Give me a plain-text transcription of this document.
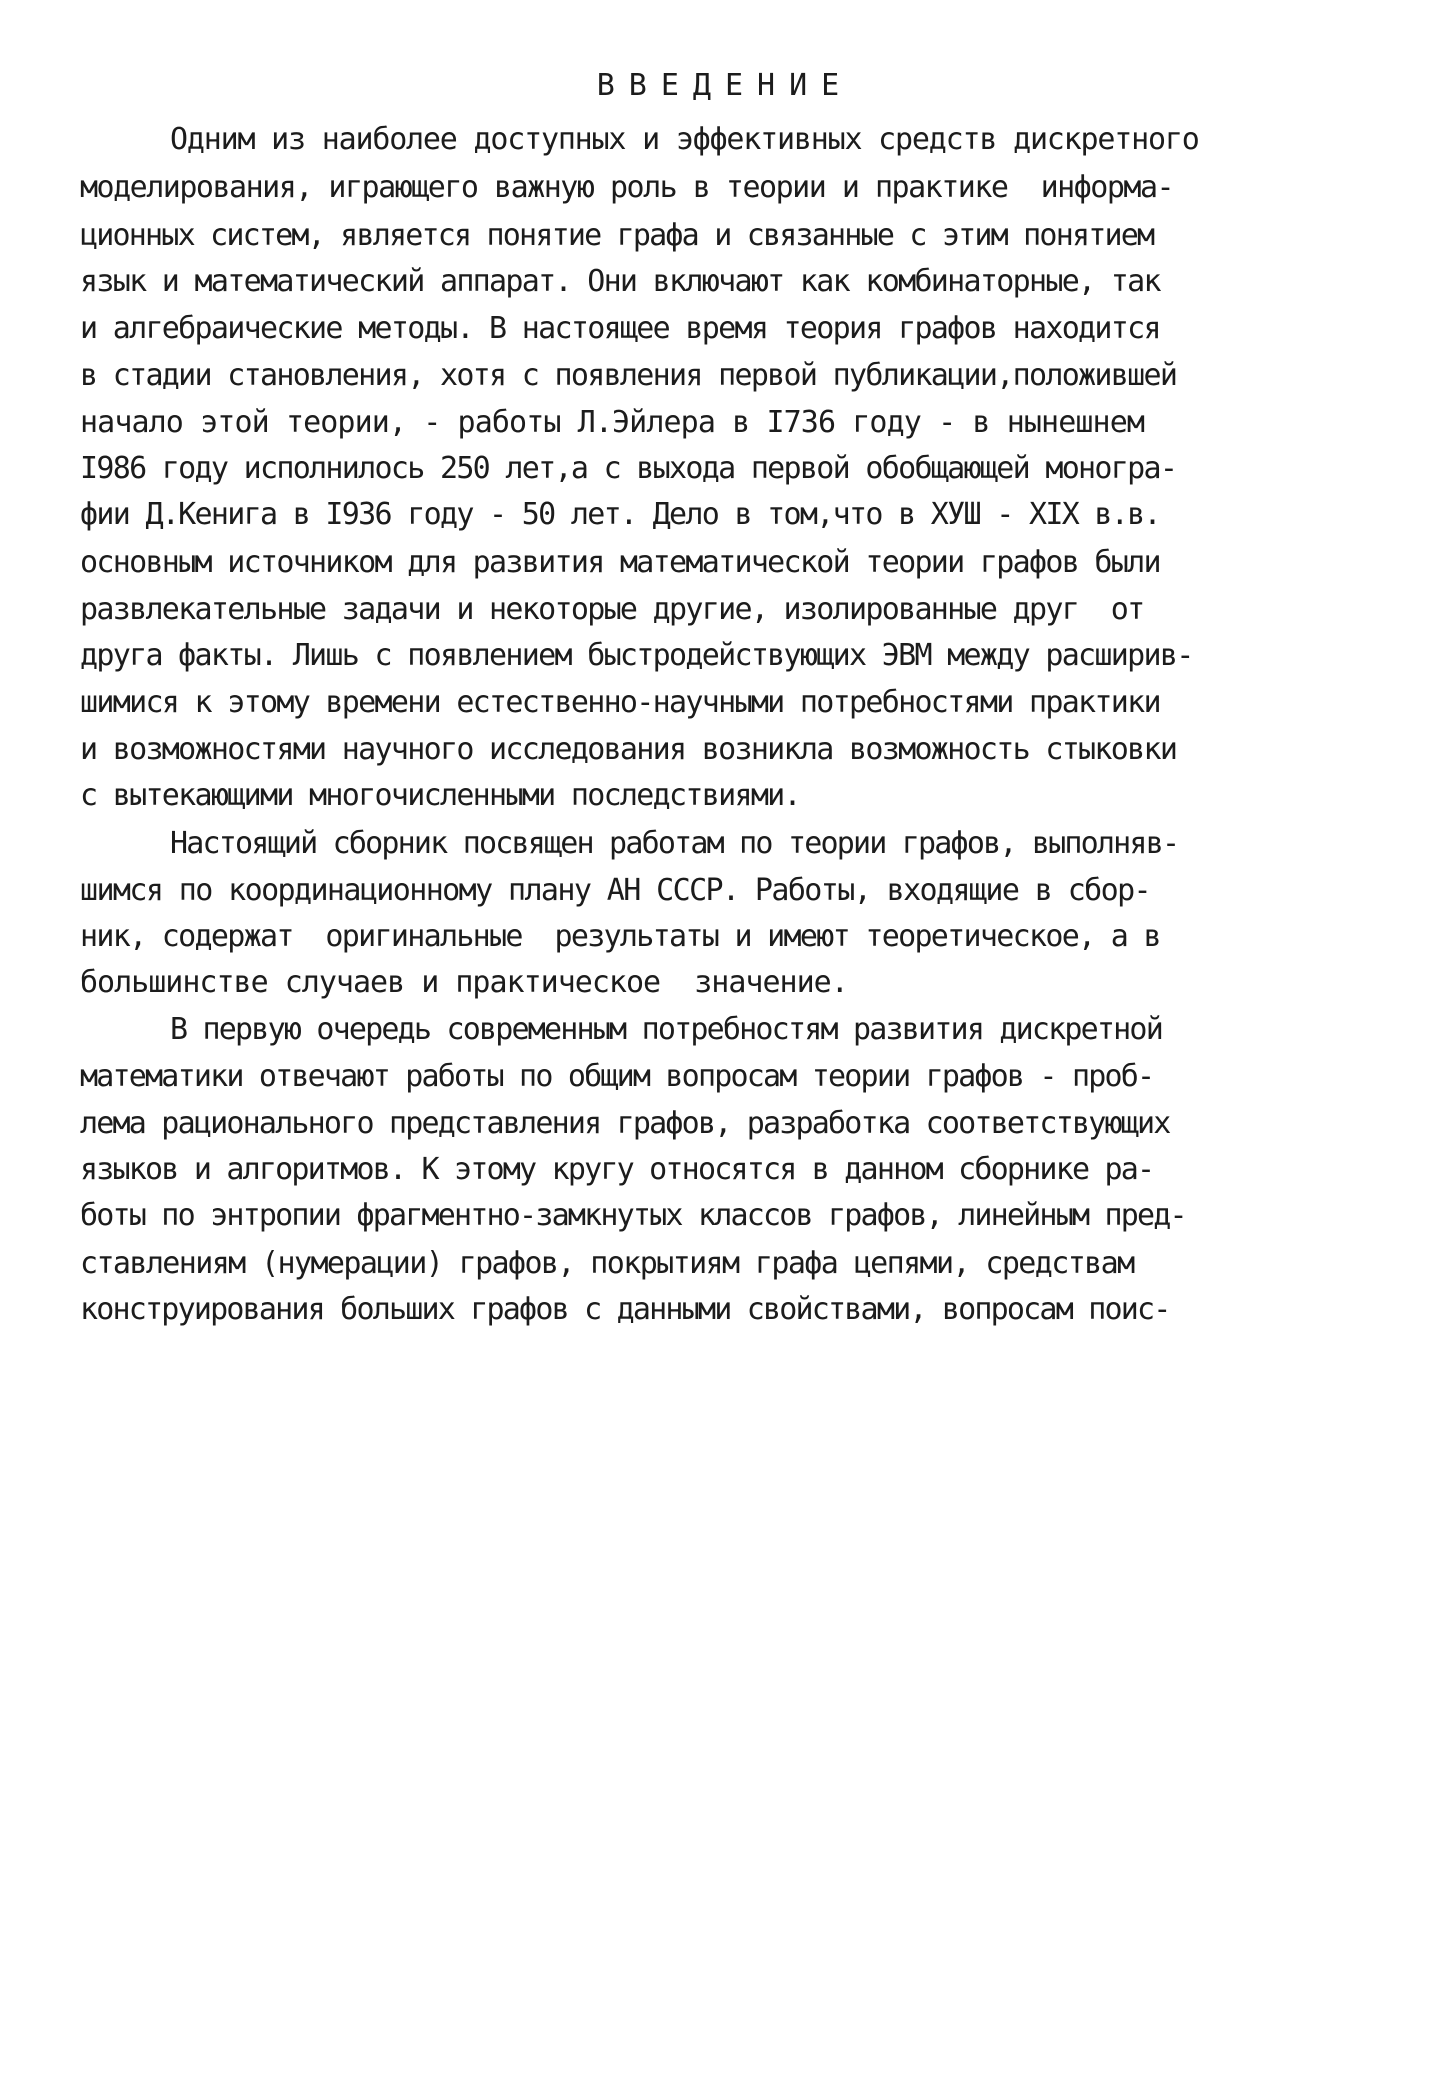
ВВЕДЕНИЕ
Одним из наиболее доступных и эффективных средств дискретного
моделирования, играющего важную роль в теории и практике  информа-
ционных систем, является понятие графа и связанные с этим понятием
язык и математический аппарат. Они включают как комбинаторные, так
и алгебраические методы. В настоящее время теория графов находится
в стадии становления, хотя с появления первой публикации,положившей
начало этой теории, - работы Л.Эйлера в I736 году - в нынешнем
I986 году исполнилось 250 лет,а с выхода первой обобщающей моногра-
фии Д.Кенига в I936 году - 50 лет. Дело в том,что в ХУШ - XIX в.в.
основным источником для развития математической теории графов были
развлекательные задачи и некоторые другие, изолированные друг  от
друга факты. Лишь с появлением быстродействующих ЭВМ между расширив-
шимися к этому времени естественно-научными потребностями практики
и возможностями научного исследования возникла возможность стыковки
с вытекающими многочисленными последствиями.
Настоящий сборник посвящен работам по теории графов, выполняв-
шимся по координационному плану АН СССР. Работы, входящие в сбор-
ник, содержат  оригинальные  результаты и имеют теоретическое, а в
большинстве случаев и практическое  значение.
В первую очередь современным потребностям развития дискретной
математики отвечают работы по общим вопросам теории графов - проб-
лема рационального представления графов, разработка соответствующих
языков и алгоритмов. К этому кругу относятся в данном сборнике ра-
боты по энтропии фрагментно-замкнутых классов графов, линейным пред-
ставлениям (нумерации) графов, покрытиям графа цепями, средствам
конструирования больших графов с данными свойствами, вопросам поис-
